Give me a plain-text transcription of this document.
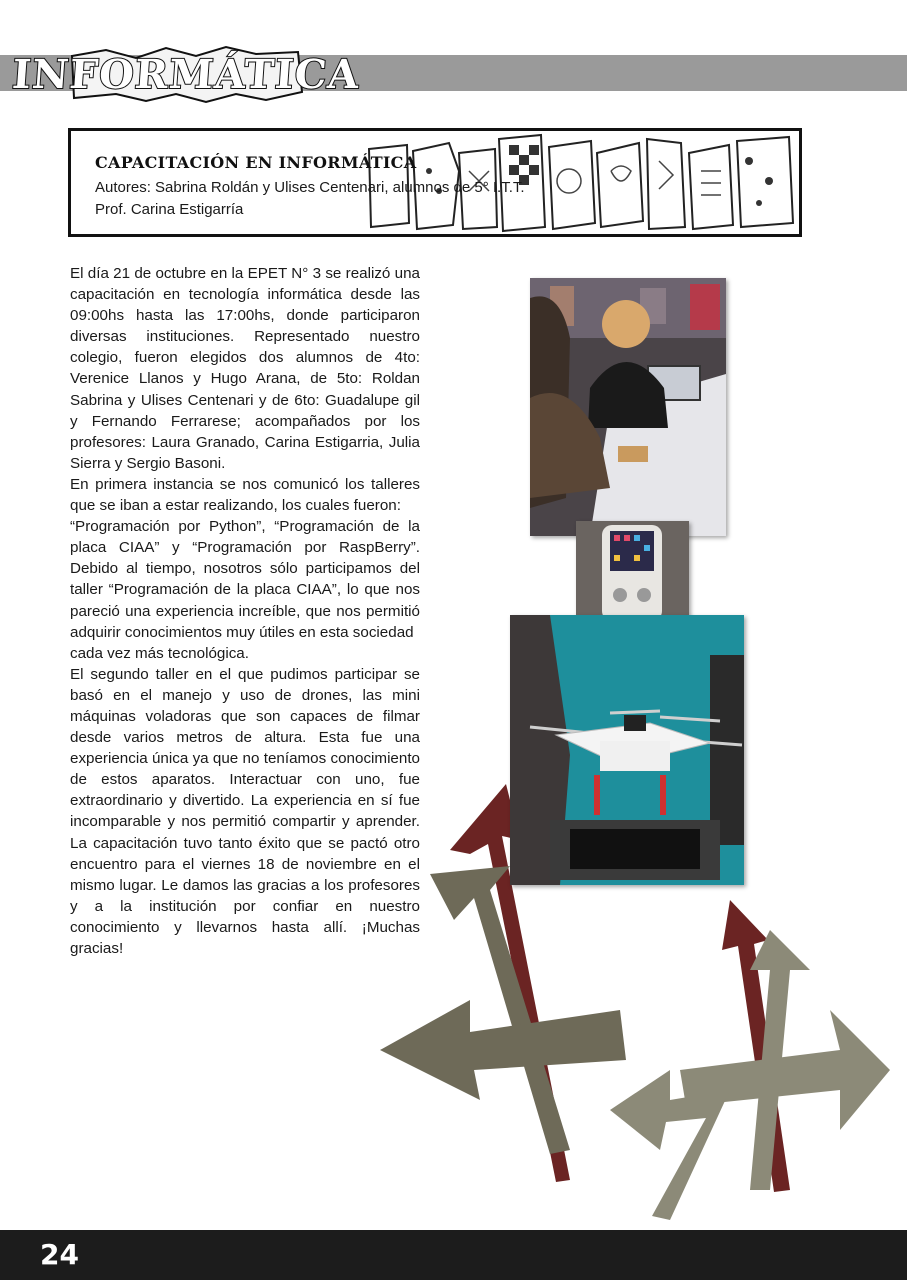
INFORMÁTICA
CAPACITACIÓN EN INFORMÁTICA
Autores: Sabrina Roldán y Ulises Centenari, alumnos de 5° I.T.T.
Prof. Carina Estigarría

El día 21 de octubre en la EPET N° 3 se realizó una capacitación en tecnología informática desde las 09:00hs hasta las 17:00hs, donde participaron diversas instituciones. Representado nuestro colegio, fueron elegidos dos alumnos de 4to: Verenice Llanos y Hugo Arana, de 5to: Roldan Sabrina y Ulises Centenari y de 6to: Guadalupe gil y Fernando Ferrarese; acompañados por los profesores: Laura Granado, Carina Estigarria, Julia Sierra y Sergio Basoni.

En primera instancia se nos comunicó los talleres que se iban a estar realizando, los cuales fueron:

“Programación por Python”, “Programación de la placa CIAA” y “Programación por RaspBerry”. Debido al tiempo, nosotros sólo participamos del taller “Programación de la placa CIAA”, lo que nos pareció una experiencia increíble, que nos permitió adquirir conocimientos muy útiles en esta sociedad

cada vez más tecnológica.

El segundo taller en el que pudimos participar se basó en el manejo y uso de drones, las mini máquinas voladoras que son capaces de filmar desde varios metros de altura. Esta fue una experiencia única ya que no teníamos conocimiento de estos aparatos. Interactuar con uno, fue extraordinario y divertido. La experiencia en sí fue incomparable y nos permitió compartir y aprender. La capacitación tuvo tanto éxito que se pactó otro encuentro para el viernes 18 de noviembre en el mismo lugar. Le damos las gracias a los profesores y a la institución por confiar en nuestro conocimiento y llevarnos hasta allí. ¡Muchas gracias!

24
